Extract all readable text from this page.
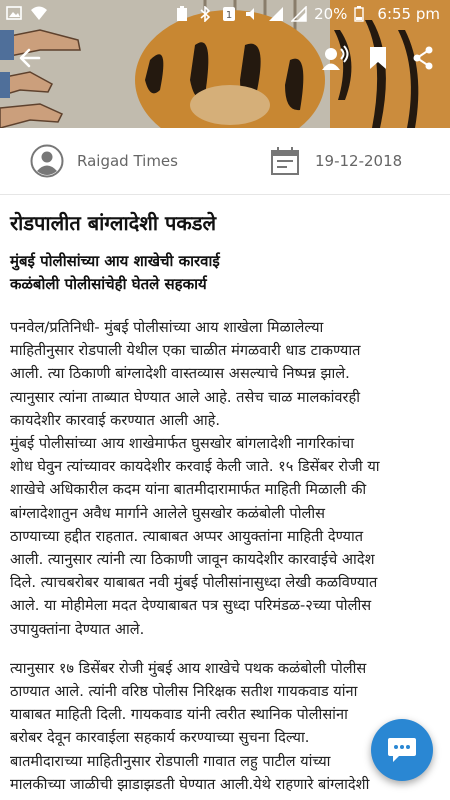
1	20% 6:55 pm
Raigad Times	19-12-2018
रोडपालीत बांग्लादेशी पकडले
मुंबई पोलीसांच्या आय शाखेची कारवाई
कळंबोली पोलीसांचेही घेतले सहकार्य
पनवेल/प्रतिनिधी- मुंबई पोलीसांच्या आय शाखेला मिळालेल्या
माहितीनुसार रोडपाली येथील एका चाळीत मंगळवारी धाड टाकण्यात
आली. त्या ठिकाणी बांग्लादेशी वास्तव्यास असल्याचे निष्पन्न झाले.
त्यानुसार त्यांना ताब्यात घेण्यात आले आहे. तसेच चाळ मालकांवरही
कायदेशीर कारवाई करण्यात आली आहे.
मुंबई पोलीसांच्या आय शाखेमार्फत घुसखोर बांगलादेशी नागरिकांचा
शोध घेवुन त्यांच्यावर कायदेशीर करवाई केली जाते. १५ डिसेंबर रोजी या
शाखेचे अधिकारील कदम यांना बातमीदारामार्फत माहिती मिळाली की
बांग्लादेशातुन अवैध मार्गाने आलेले घुसखोर कळंबोली पोलीस
ठाण्याच्या हद्दीत राहतात. त्याबाबत अप्पर आयुक्तांना माहिती देण्यात
आली. त्यानुसार त्यांनी त्या ठिकाणी जावून कायदेशीर कारवाईचे आदेश
दिले. त्याचबरोबर याबाबत नवी मुंबई पोलीसांनासुध्दा लेखी कळविण्यात
आले. या मोहीमेला मदत देण्याबाबत पत्र सुध्दा परिमंडळ-२च्या पोलीस
उपायुक्तांना देण्यात आले.
त्यानुसार १७ डिसेंबर रोजी मुंबई आय शाखेचे पथक कळंबोली पोलीस
ठाण्यात आले. त्यांनी वरिष्ठ पोलीस निरिक्षक सतीश गायकवाड यांना
याबाबत माहिती दिली. गायकवाड यांनी त्वरीत स्थानिक पोलीसांना
बरोबर देवून कारवाईला सहकार्य करण्याच्या सुचना दिल्या.
बातमीदाराच्या माहितीनुसार रोडपाली गावात लहु पाटील यांच्या
मालकीच्या जाळीची झाडाझडती घेण्यात आली.येथे राहणारे बांग्लादेशी
